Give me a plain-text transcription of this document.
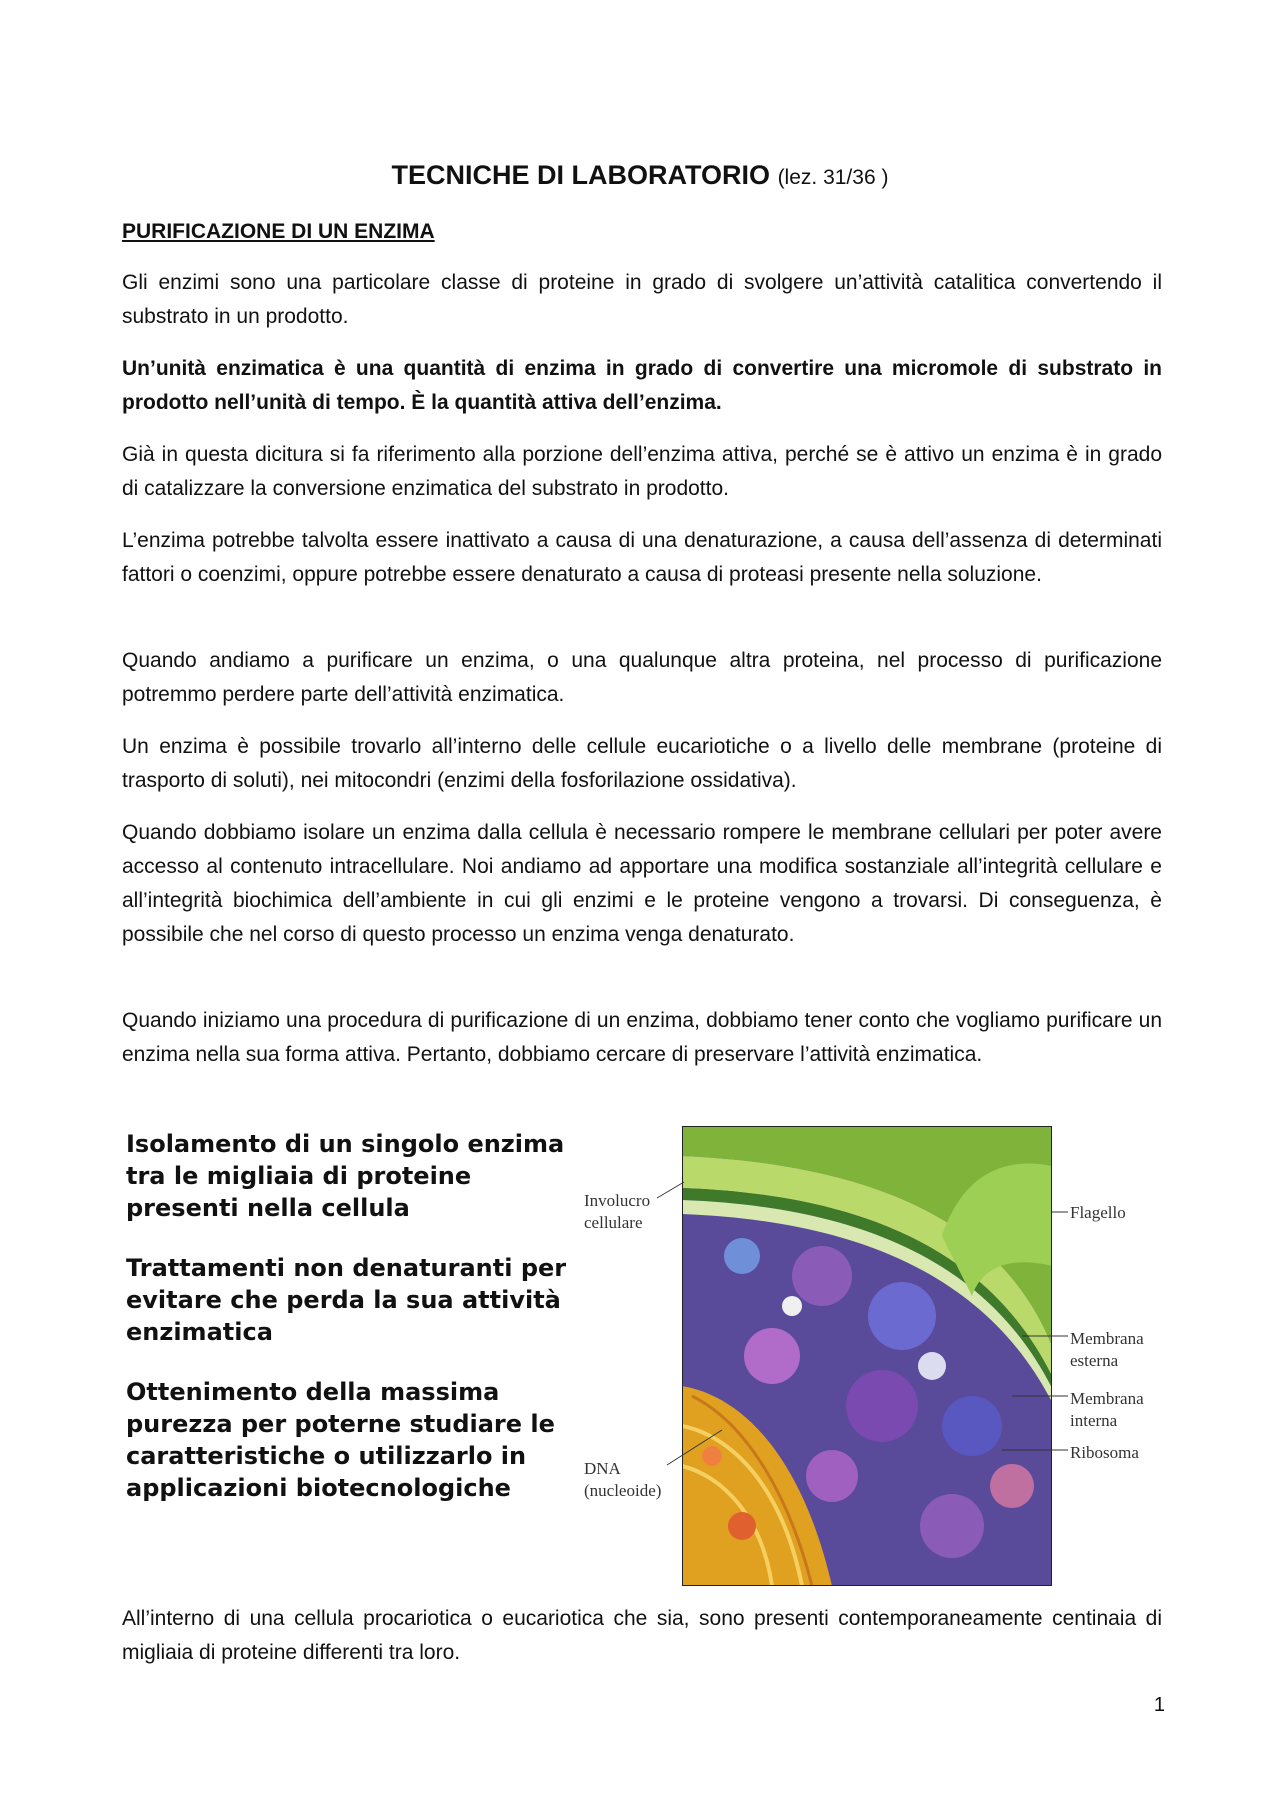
TECNICHE DI LABORATORIO (lez. 31/36 )
PURIFICAZIONE DI UN ENZIMA

Gli enzimi sono una particolare classe di proteine in grado di svolgere un’attività catalitica convertendo il substrato in un prodotto.

Un’unità enzimatica è una quantità di enzima in grado di convertire una micromole di substrato in prodotto nell’unità di tempo. È la quantità attiva dell’enzima.

Già in questa dicitura si fa riferimento alla porzione dell’enzima attiva, perché se è attivo un enzima è in grado di catalizzare la conversione enzimatica del substrato in prodotto.

L’enzima potrebbe talvolta essere inattivato a causa di una denaturazione, a causa dell’assenza di determinati fattori o coenzimi, oppure potrebbe essere denaturato a causa di proteasi presente nella soluzione.

Quando andiamo a purificare un enzima, o una qualunque altra proteina, nel processo di purificazione potremmo perdere parte dell’attività enzimatica.

Un enzima è possibile trovarlo all’interno delle cellule eucariotiche o a livello delle membrane (proteine di trasporto di soluti), nei mitocondri (enzimi della fosforilazione ossidativa).

Quando dobbiamo isolare un enzima dalla cellula è necessario rompere le membrane cellulari per poter avere accesso al contenuto intracellulare. Noi andiamo ad apportare una modifica sostanziale all’integrità cellulare e all’integrità biochimica dell’ambiente in cui gli enzimi e le proteine vengono a trovarsi. Di conseguenza, è possibile che nel corso di questo processo un enzima venga denaturato.

Quando iniziamo una procedura di purificazione di un enzima, dobbiamo tener conto che vogliamo purificare un enzima nella sua forma attiva. Pertanto, dobbiamo cercare di preservare l’attività enzimatica.

Isolamento di un singolo enzima tra le migliaia di proteine presenti nella cellula

Trattamenti non denaturanti per evitare che perda la sua attività enzimatica

Ottenimento della massima purezza per poterne studiare le caratteristiche o utilizzarlo in applicazioni biotecnologiche

Involucro cellulare
DNA (nucleoide)
Flagello
Membrana esterna
Membrana interna
Ribosoma

All’interno di una cellula procariotica o eucariotica che sia, sono presenti contemporaneamente centinaia di migliaia di proteine differenti tra loro.

1
